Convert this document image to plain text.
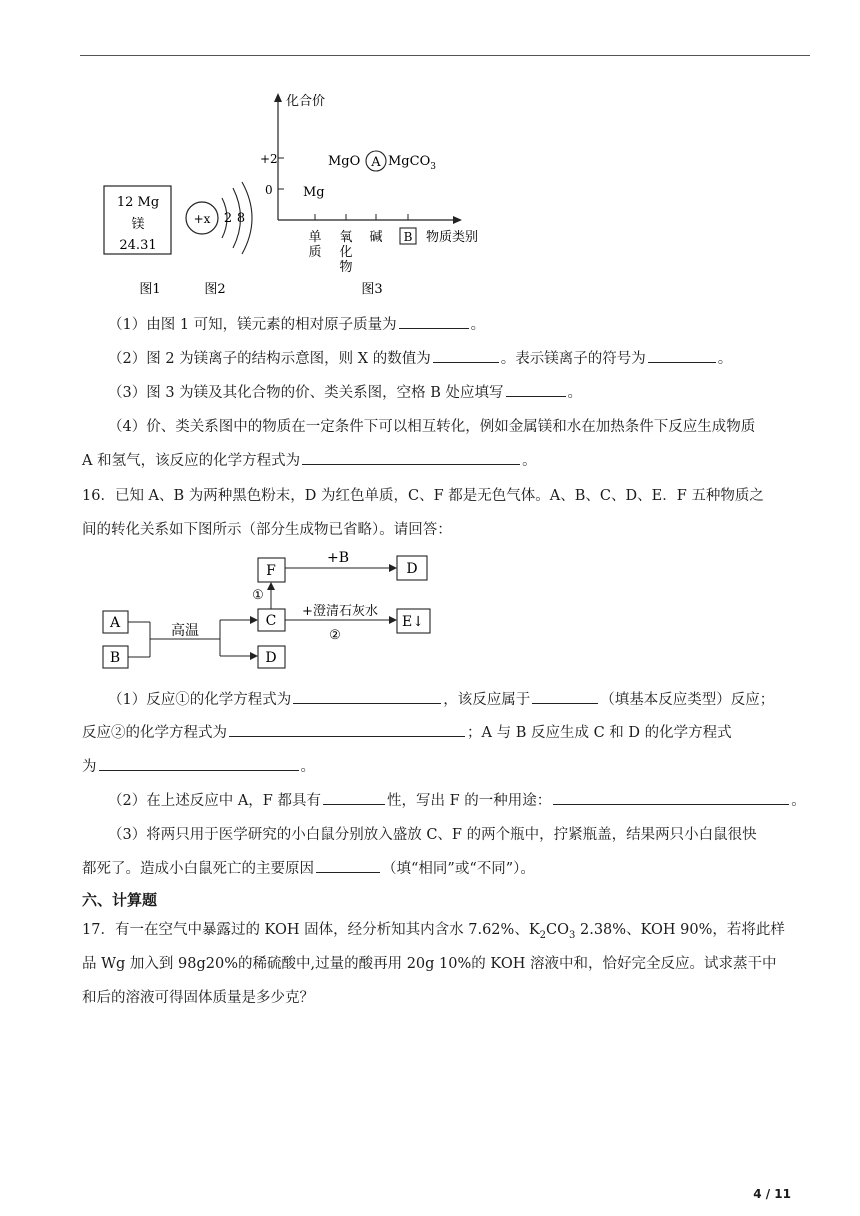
12 Mg
镁
24.31
图1
+x 2 8
图2
化合价
+2
0
MgO A MgCO$_3$
Mg
单
质
氧
化
物
碱 B 物质类别
图3
（1）由图 1 可知，镁元素的相对原子质量为	。
（2）图 2 为镁离子的结构示意图，则 X 的数值为	。表示镁离子的符号为	。
（3）图 3 为镁及其化合物的价、类关系图，空格 B 处应填写	。
（4）价、类关系图中的物质在一定条件下可以相互转化，例如金属镁和水在加热条件下反应生成物质
A 和氢气，该反应的化学方程式为	。
16．已知 A、B 为两种黑色粉末，D 为红色单质，C、F 都是无色气体。A、B、C、D、E．F 五种物质之
间的转化关系如下图所示（部分生成物已省略）。请回答：
A
B
高温
C
D
①
F
+B
D
+澄清石灰水
②
E↓
（1）反应①的化学方程式为	，该反应属于	（填基本反应类型）反应；
反应②的化学方程式为	；A 与 B 反应生成 C 和 D 的化学方程式
为	。
（2）在上述反应中 A，F 都具有	性，写出 F 的一种用途：	。
（3）将两只用于医学研究的小白鼠分别放入盛放 C、F 的两个瓶中，拧紧瓶盖，结果两只小白鼠很快
都死了。造成小白鼠死亡的主要原因	（填“相同”或“不同”）。
六、计算题
17．有一在空气中暴露过的 KOH 固体，经分析知其内含水 7.62%、$K_2CO_3$ 2.38%、KOH 90%，若将此样
品 Wg 加入到 98g20%的稀硫酸中,过量的酸再用 20g 10%的 KOH 溶液中和，恰好完全反应。试求蒸干中
和后的溶液可得固体质量是多少克？
4 / 11
